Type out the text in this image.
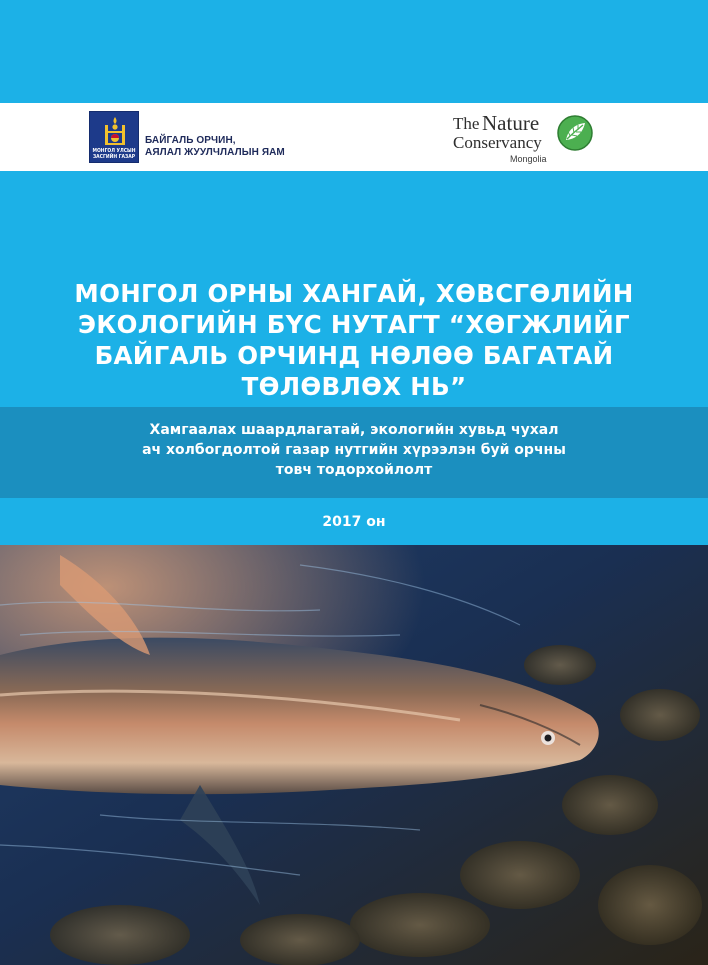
МОНГОЛ УЛСЫН
ЗАСГИЙН ГАЗАР
БАЙГАЛЬ ОРЧИН,
АЯЛАЛ ЖУУЛЧЛАЛЫН ЯАМ
The Nature
Conservancy
Mongolia
МОНГОЛ ОРНЫ ХАНГАЙ, ХӨВСГӨЛИЙН
ЭКОЛОГИЙН БҮС НУТАГТ “ХӨГЖЛИЙГ
БАЙГАЛЬ ОРЧИНД НӨЛӨӨ БАГАТАЙ
ТӨЛӨВЛӨХ НЬ”
Хамгаалах шаардлагатай, экологийн хувьд чухал
ач холбогдолтой газар нутгийн хүрээлэн буй орчны
товч тодорхойлолт
2017 он
